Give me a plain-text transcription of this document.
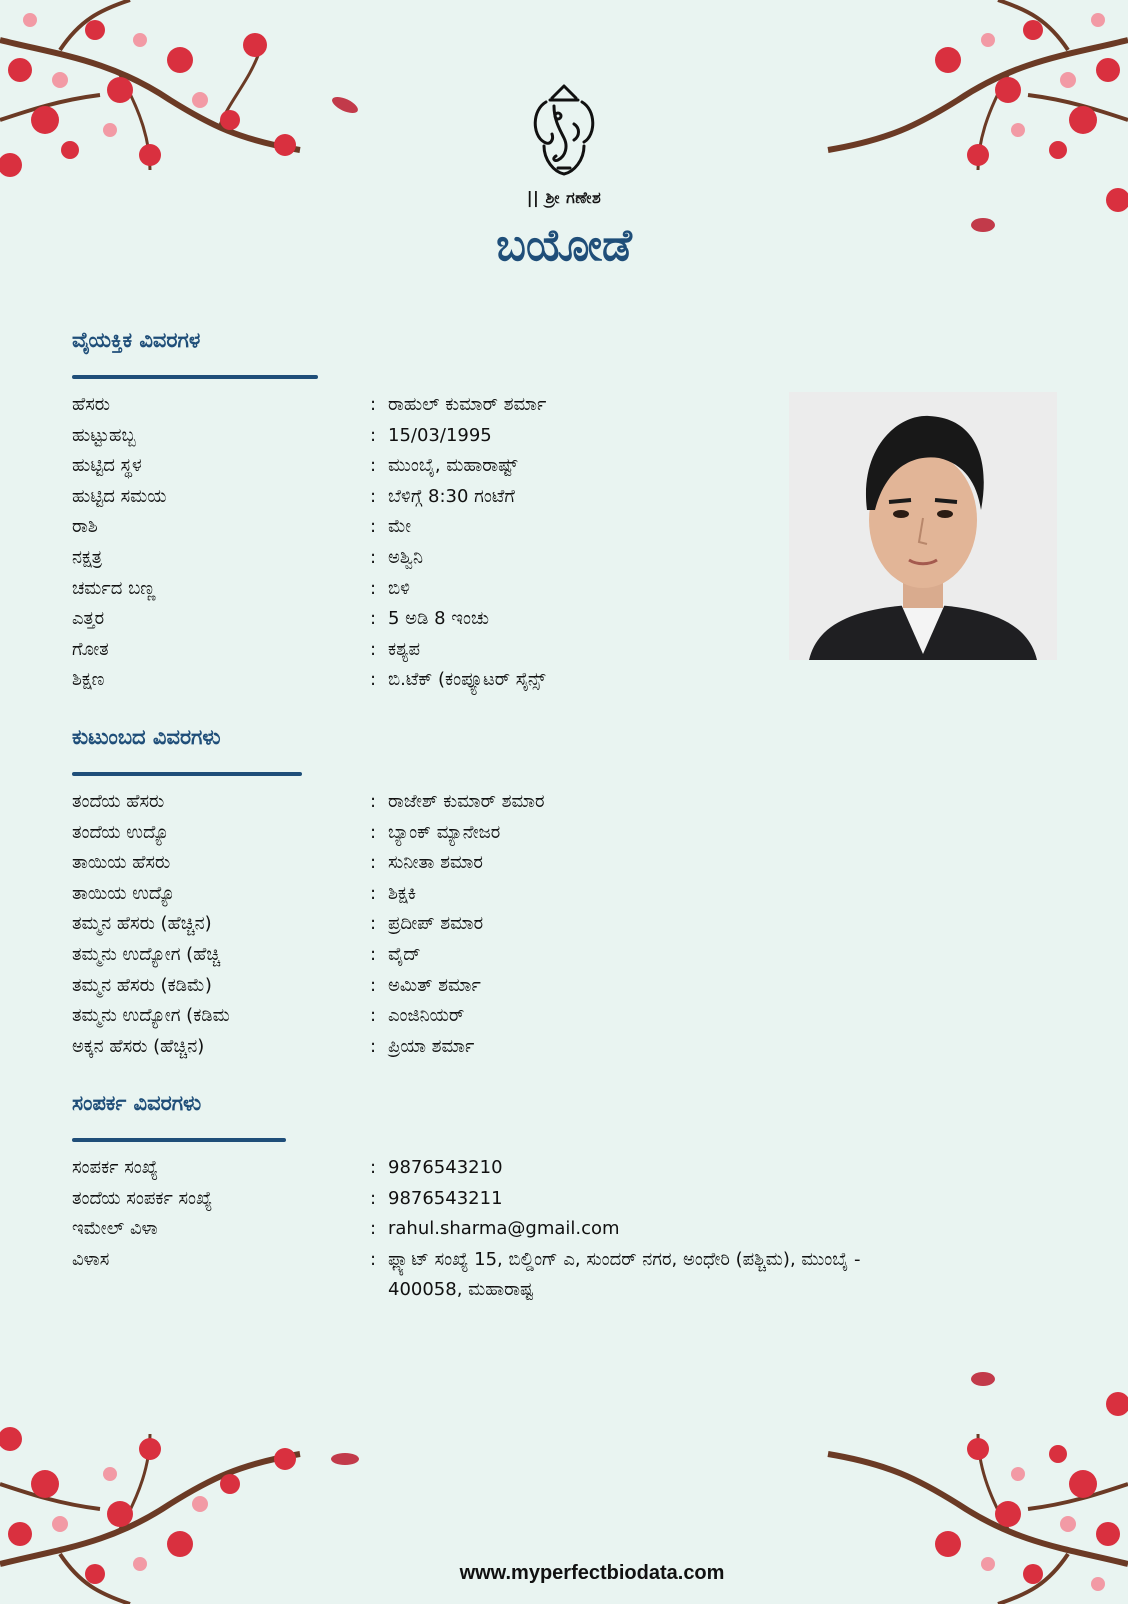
|| ಶ್ರೀ ಗಣೇಶ
ಬಯೋಡೆ
ವೈಯಕ್ತಿಕ ವಿವರಗಳ
ಹೆಸರು	: ರಾಹುಲ್ ಕುಮಾರ್ ಶರ್ಮಾ
ಹುಟ್ಟುಹಬ್ಬ	: 15/03/1995
ಹುಟ್ಟಿದ ಸ್ಥಳ	: ಮುಂಬೈ, ಮಹಾರಾಷ್ಟ್
ಹುಟ್ಟಿದ ಸಮಯ	: ಬೆಳಿಗ್ಗೆ 8:30 ಗಂಟೆಗೆ
ರಾಶಿ	: ಮೇ
ನಕ್ಷತ್ರ	: ಅಶ್ವಿನಿ
ಚರ್ಮದ ಬಣ್ಣ	: ಬಿಳಿ
ಎತ್ತರ	: 5 ಅಡಿ 8 ಇಂಚು
ಗೋತ	: ಕಶ್ಯಪ
ಶಿಕ್ಷಣ	: ಬಿ.ಟೆಕ್ (ಕಂಪ್ಯೂಟರ್ ಸೈನ್ಸ್
ಕುಟುಂಬದ ವಿವರಗಳು
ತಂದೆಯ ಹೆಸರು	: ರಾಜೇಶ್ ಕುಮಾರ್ ಶಮಾರ
ತಂದೆಯ ಉದ್ಯೊ	: ಬ್ಯಾಂಕ್ ಮ್ಯಾನೇಜರ
ತಾಯಿಯ ಹೆಸರು	: ಸುನೀತಾ ಶಮಾರ
ತಾಯಿಯ ಉದ್ಯೊ	: ಶಿಕ್ಷಕಿ
ತಮ್ಮನ ಹೆಸರು (ಹೆಚ್ಚಿನ)	: ಪ್ರದೀಪ್ ಶಮಾರ
ತಮ್ಮನು ಉದ್ಯೋಗ (ಹೆಚ್ಚಿ	: ವೈದ್
ತಮ್ಮನ ಹೆಸರು (ಕಡಿಮೆ)	: ಅಮಿತ್ ಶರ್ಮಾ
ತಮ್ಮನು ಉದ್ಯೋಗ (ಕಡಿಮ	: ಎಂಜಿನಿಯರ್
ಅಕ್ಕನ ಹೆಸರು (ಹೆಚ್ಚಿನ)	: ಪ್ರಿಯಾ ಶರ್ಮಾ
ಸಂಪರ್ಕ ವಿವರಗಳು
ಸಂಪರ್ಕ ಸಂಖ್ಯೆ	: 9876543210
ತಂದೆಯ ಸಂಪರ್ಕ ಸಂಖ್ಯೆ	: 9876543211
ಇಮೇಲ್ ವಿಳಾ	: rahul.sharma@gmail.com
ವಿಳಾಸ	: ಫ್ಲ್ಯಾಟ್ ಸಂಖ್ಯೆ 15, ಬಿಲ್ಡಿಂಗ್ ಎ, ಸುಂದರ್ ನಗರ, ಅಂಧೇರಿ (ಪಶ್ಚಿಮ), ಮುಂಬೈ - 400058, ಮಹಾರಾಷ್ಟ
www.myperfectbiodata.com
